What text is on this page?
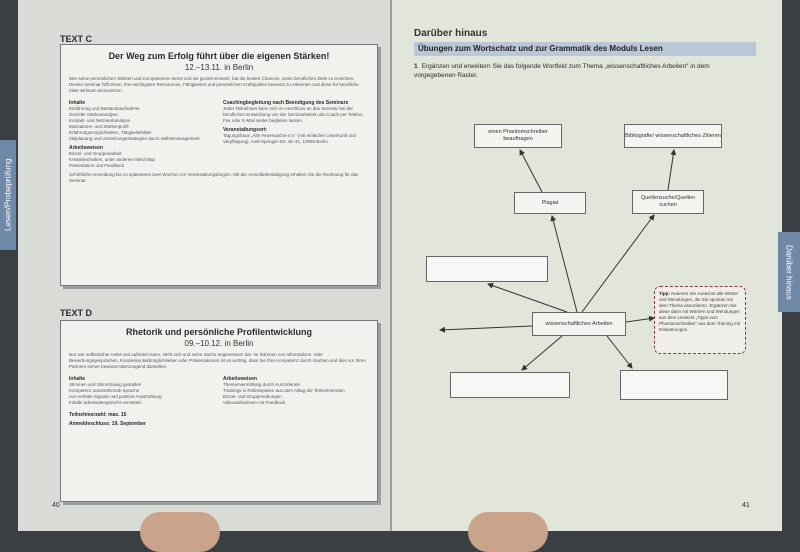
TEXT C
Der Weg zum Erfolg führt über die eigenen Stärken!
12.–13.11. in Berlin
Wer seine persönlichen Stärken und Kompetenzen kennt und sie gezielt einsetzt, hat die besten Chancen, seine beruflichen Ziele zu erreichen. Dieses Seminar hilft Ihnen, Ihre wichtigsten Ressourcen, Fähigkeiten und persönlichen Kraftquellen bewusst zu erkennen und diese für berufliche Ziele wirksam einzusetzen.
Inhalte
Einführung und Bestandsaufnahme
Gezielte Stärkenanalyse
Kontakt- und Netzwerkanalyse
Motivations- und Stärkenprofil
Erfahrungsmöglichkeiten, Tätigkeitsfelder
Zielplanung und Umsetzungsstrategien durch Selbstmanagement
Arbeitsweisen
Einzel- und Gruppenarbeit
Kreativtechniken, unter anderem Mind Map
Präsentation und Feedback
Coachingbegleitung nach Beendigung des Seminars
Jeder Teilnehmer kann sich im Anschluss an das Seminar bei der beruflichen Entwicklung von der Seminarleiterin als Coach per Telefon, Fax oder E-Mail weiter begleiten lassen.
Veranstaltungsort:
Tagungshaus „Alte Feuerwache e.V.“ (mit einfacher Unterkunft und Verpflegung), Axel-Springer-Str. 40–41, 10969 Berlin
Schriftliche Anmeldung bis zu spätestens zwei Wochen vor Veranstaltungsbeginn. Mit der Anmeldebestätigung erhalten Sie die Rechnung für das Seminar.
TEXT D
Rhetorik und persönliche Profilentwicklung
09.–10.12. in Berlin
Nur wer selbstsicher redet und auftreten kann, steht sich und seine Sache angemessen dar. Im Rahmen von Informations- oder Bewerbungsgesprächen, Kundenkontaktmöglichkeiten oder Präsentationen ist es wichtig, dass Sie Ihre Kompetenz durch machen und dies vor Ihren Partnern immer bewusst überzeugend darstellen.
Inhalte
Stimmen und Stimmtrainig gestalten
Kompetenz ausstrahlende Sprache
non-verbale Signale und positive Ausstrahlung
Inhalte adressatengerecht vermitteln
Teilnehmerzahl: max. 15
Anmeldeschluss: 19. September
Arbeitsweisen
Themenvermittlung durch Kurzreferate
Trainings in Rollenspielen aus dem Alltag der Teilnehmenden
Einzel- und Gruppenübungen
Videoaufnahmen mit Feedback
40
Lesen/Probeprüfung
Darüber hinaus
Übungen zum Wortschatz und zur Grammatik des Moduls Lesen
1 Ergänzen und erweitern Sie das folgende Wortfeld zum Thema „wissenschaftliches Arbeiten“ in dem vorgegebenen Raster.
einen Phantomschreiber beauftragen
Bibliografie/ wissenschaftliches Zitieren
Plagiat
Quellensuche/Quellen suchen
wissenschaftliches Arbeiten
Tipp: Notieren Sie zunächst alle Wörter und Wendungen, die Sie spontan mit dem Thema assoziieren. Ergänzen Sie diese dann mit Wörtern und Wendungen aus dem Lesetext „Tipps vom Phantomschreiber“ aus dem Training mit Erläuterungen.
41
Darüber hinaus
